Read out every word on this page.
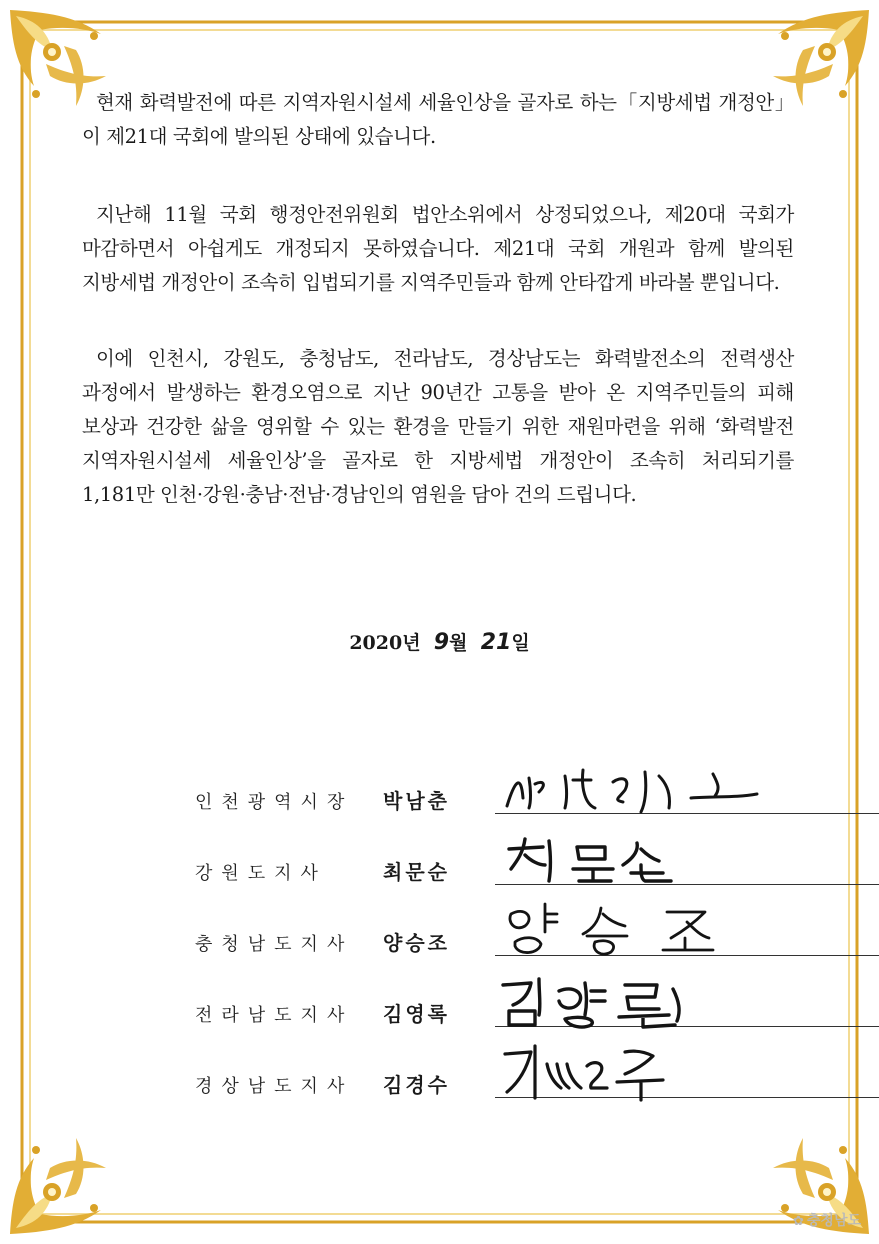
현재 화력발전에 따른 지역자원시설세 세율인상을 골자로 하는「지방세법 개정안」이 제21대 국회에 발의된 상태에 있습니다.

지난해 11월 국회 행정안전위원회 법안소위에서 상정되었으나, 제20대 국회가 마감하면서 아쉽게도 개정되지 못하였습니다. 제21대 국회 개원과 함께 발의된 지방세법 개정안이 조속히 입법되기를 지역주민들과 함께 안타깝게 바라볼 뿐입니다.

이에 인천시, 강원도, 충청남도, 전라남도, 경상남도는 화력발전소의 전력생산 과정에서 발생하는 환경오염으로 지난 90년간 고통을 받아 온 지역주민들의 피해 보상과 건강한 삶을 영위할 수 있는 환경을 만들기 위한 재원마련을 위해 ‘화력발전 지역자원시설세 세율인상’을 골자로 한 지방세법 개정안이 조속히 처리되기를 1,181만 인천·강원·충남·전남·경남인의 염원을 담아 건의 드립니다.

2020년 9월 21일
인천광역시장 박남춘
강원도지사	최문순
충청남도지사 양승조
전라남도지사 김영록
경상남도지사 김경수
✿ 충청남도
